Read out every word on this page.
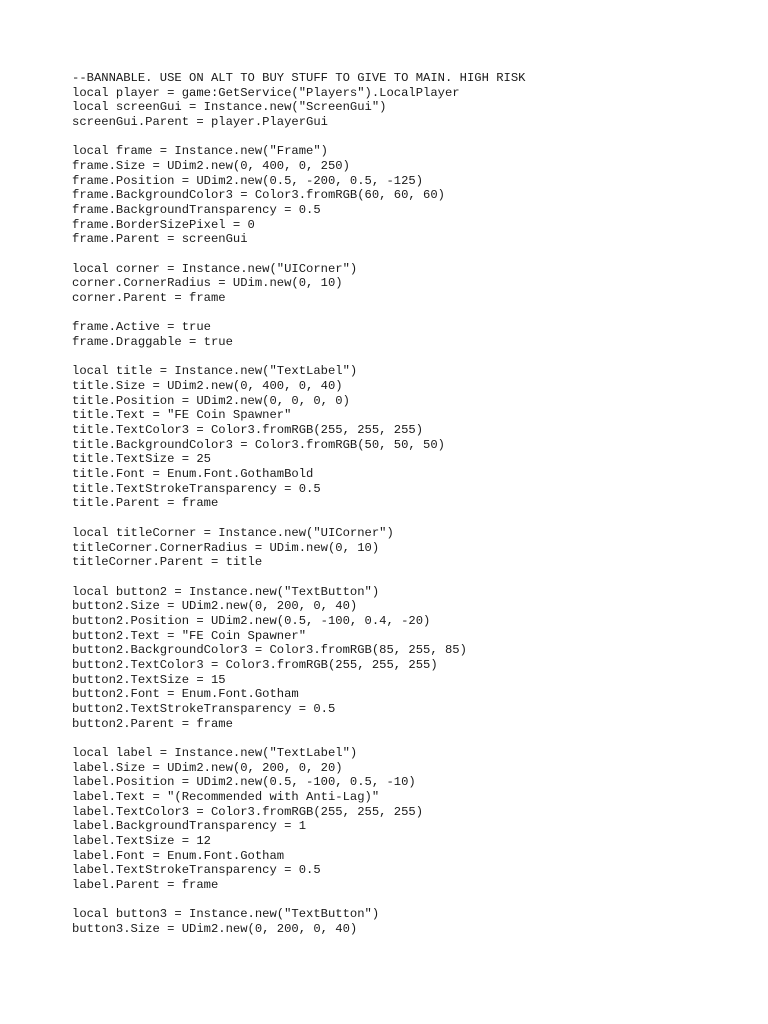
--BANNABLE. USE ON ALT TO BUY STUFF TO GIVE TO MAIN. HIGH RISK
local player = game:GetService("Players").LocalPlayer
local screenGui = Instance.new("ScreenGui")
screenGui.Parent = player.PlayerGui
local frame = Instance.new("Frame")
frame.Size = UDim2.new(0, 400, 0, 250)
frame.Position = UDim2.new(0.5, -200, 0.5, -125)
frame.BackgroundColor3 = Color3.fromRGB(60, 60, 60)
frame.BackgroundTransparency = 0.5
frame.BorderSizePixel = 0
frame.Parent = screenGui
local corner = Instance.new("UICorner")
corner.CornerRadius = UDim.new(0, 10)
corner.Parent = frame
frame.Active = true
frame.Draggable = true
local title = Instance.new("TextLabel")
title.Size = UDim2.new(0, 400, 0, 40)
title.Position = UDim2.new(0, 0, 0, 0)
title.Text = "FE Coin Spawner"
title.TextColor3 = Color3.fromRGB(255, 255, 255)
title.BackgroundColor3 = Color3.fromRGB(50, 50, 50)
title.TextSize = 25
title.Font = Enum.Font.GothamBold
title.TextStrokeTransparency = 0.5
title.Parent = frame
local titleCorner = Instance.new("UICorner")
titleCorner.CornerRadius = UDim.new(0, 10)
titleCorner.Parent = title
local button2 = Instance.new("TextButton")
button2.Size = UDim2.new(0, 200, 0, 40)
button2.Position = UDim2.new(0.5, -100, 0.4, -20)
button2.Text = "FE Coin Spawner"
button2.BackgroundColor3 = Color3.fromRGB(85, 255, 85)
button2.TextColor3 = Color3.fromRGB(255, 255, 255)
button2.TextSize = 15
button2.Font = Enum.Font.Gotham
button2.TextStrokeTransparency = 0.5
button2.Parent = frame
local label = Instance.new("TextLabel")
label.Size = UDim2.new(0, 200, 0, 20)
label.Position = UDim2.new(0.5, -100, 0.5, -10)
label.Text = "(Recommended with Anti-Lag)"
label.TextColor3 = Color3.fromRGB(255, 255, 255)
label.BackgroundTransparency = 1
label.TextSize = 12
label.Font = Enum.Font.Gotham
label.TextStrokeTransparency = 0.5
label.Parent = frame
local button3 = Instance.new("TextButton")
button3.Size = UDim2.new(0, 200, 0, 40)
